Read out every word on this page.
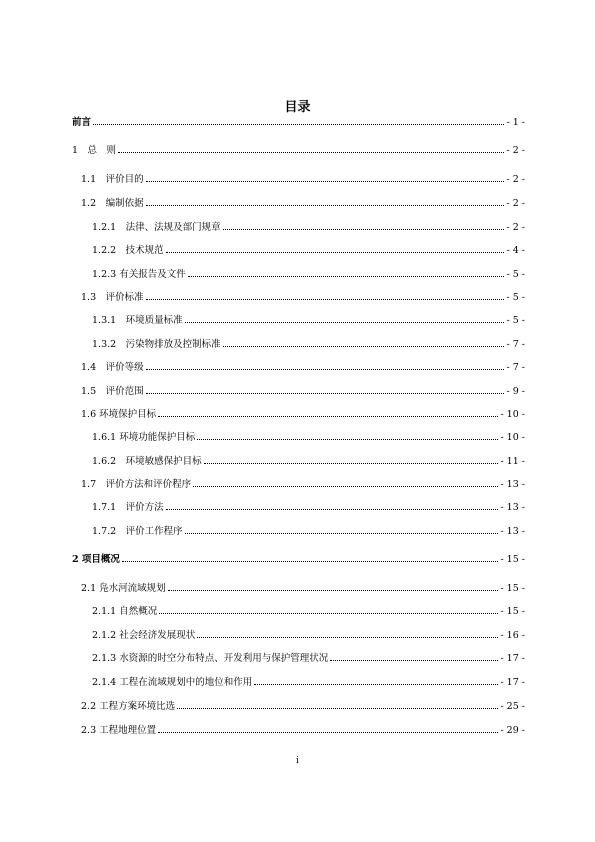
目录
前言	- 1 -
1　总　则	- 2 -
1.1　评价目的	- 2 -
1.2　编制依据	- 2 -
1.2.1　法律、法规及部门规章	- 2 -
1.2.2　技术规范	- 4 -
1.2.3 有关报告及文件	- 5 -
1.3　评价标准	- 5 -
1.3.1　环境质量标准	- 5 -
1.3.2　污染物排放及控制标准	- 7 -
1.4　评价等级	- 7 -
1.5　评价范围	- 9 -
1.6 环境保护目标	- 10 -
1.6.1 环境功能保护目标	- 10 -
1.6.2　环境敏感保护目标	- 11 -
1.7　评价方法和评价程序	- 13 -
1.7.1　评价方法	- 13 -
1.7.2　评价工作程序	- 13 -
2 项目概况	- 15 -
2.1 凫水河流域规划	- 15 -
2.1.1 自然概况	- 15 -
2.1.2 社会经济发展现状	- 16 -
2.1.3 水资源的时空分布特点、开发利用与保护管理状况	- 17 -
2.1.4 工程在流域规划中的地位和作用	- 17 -
2.2 工程方案环境比选	- 25 -
2.3 工程地理位置	- 29 -
i
